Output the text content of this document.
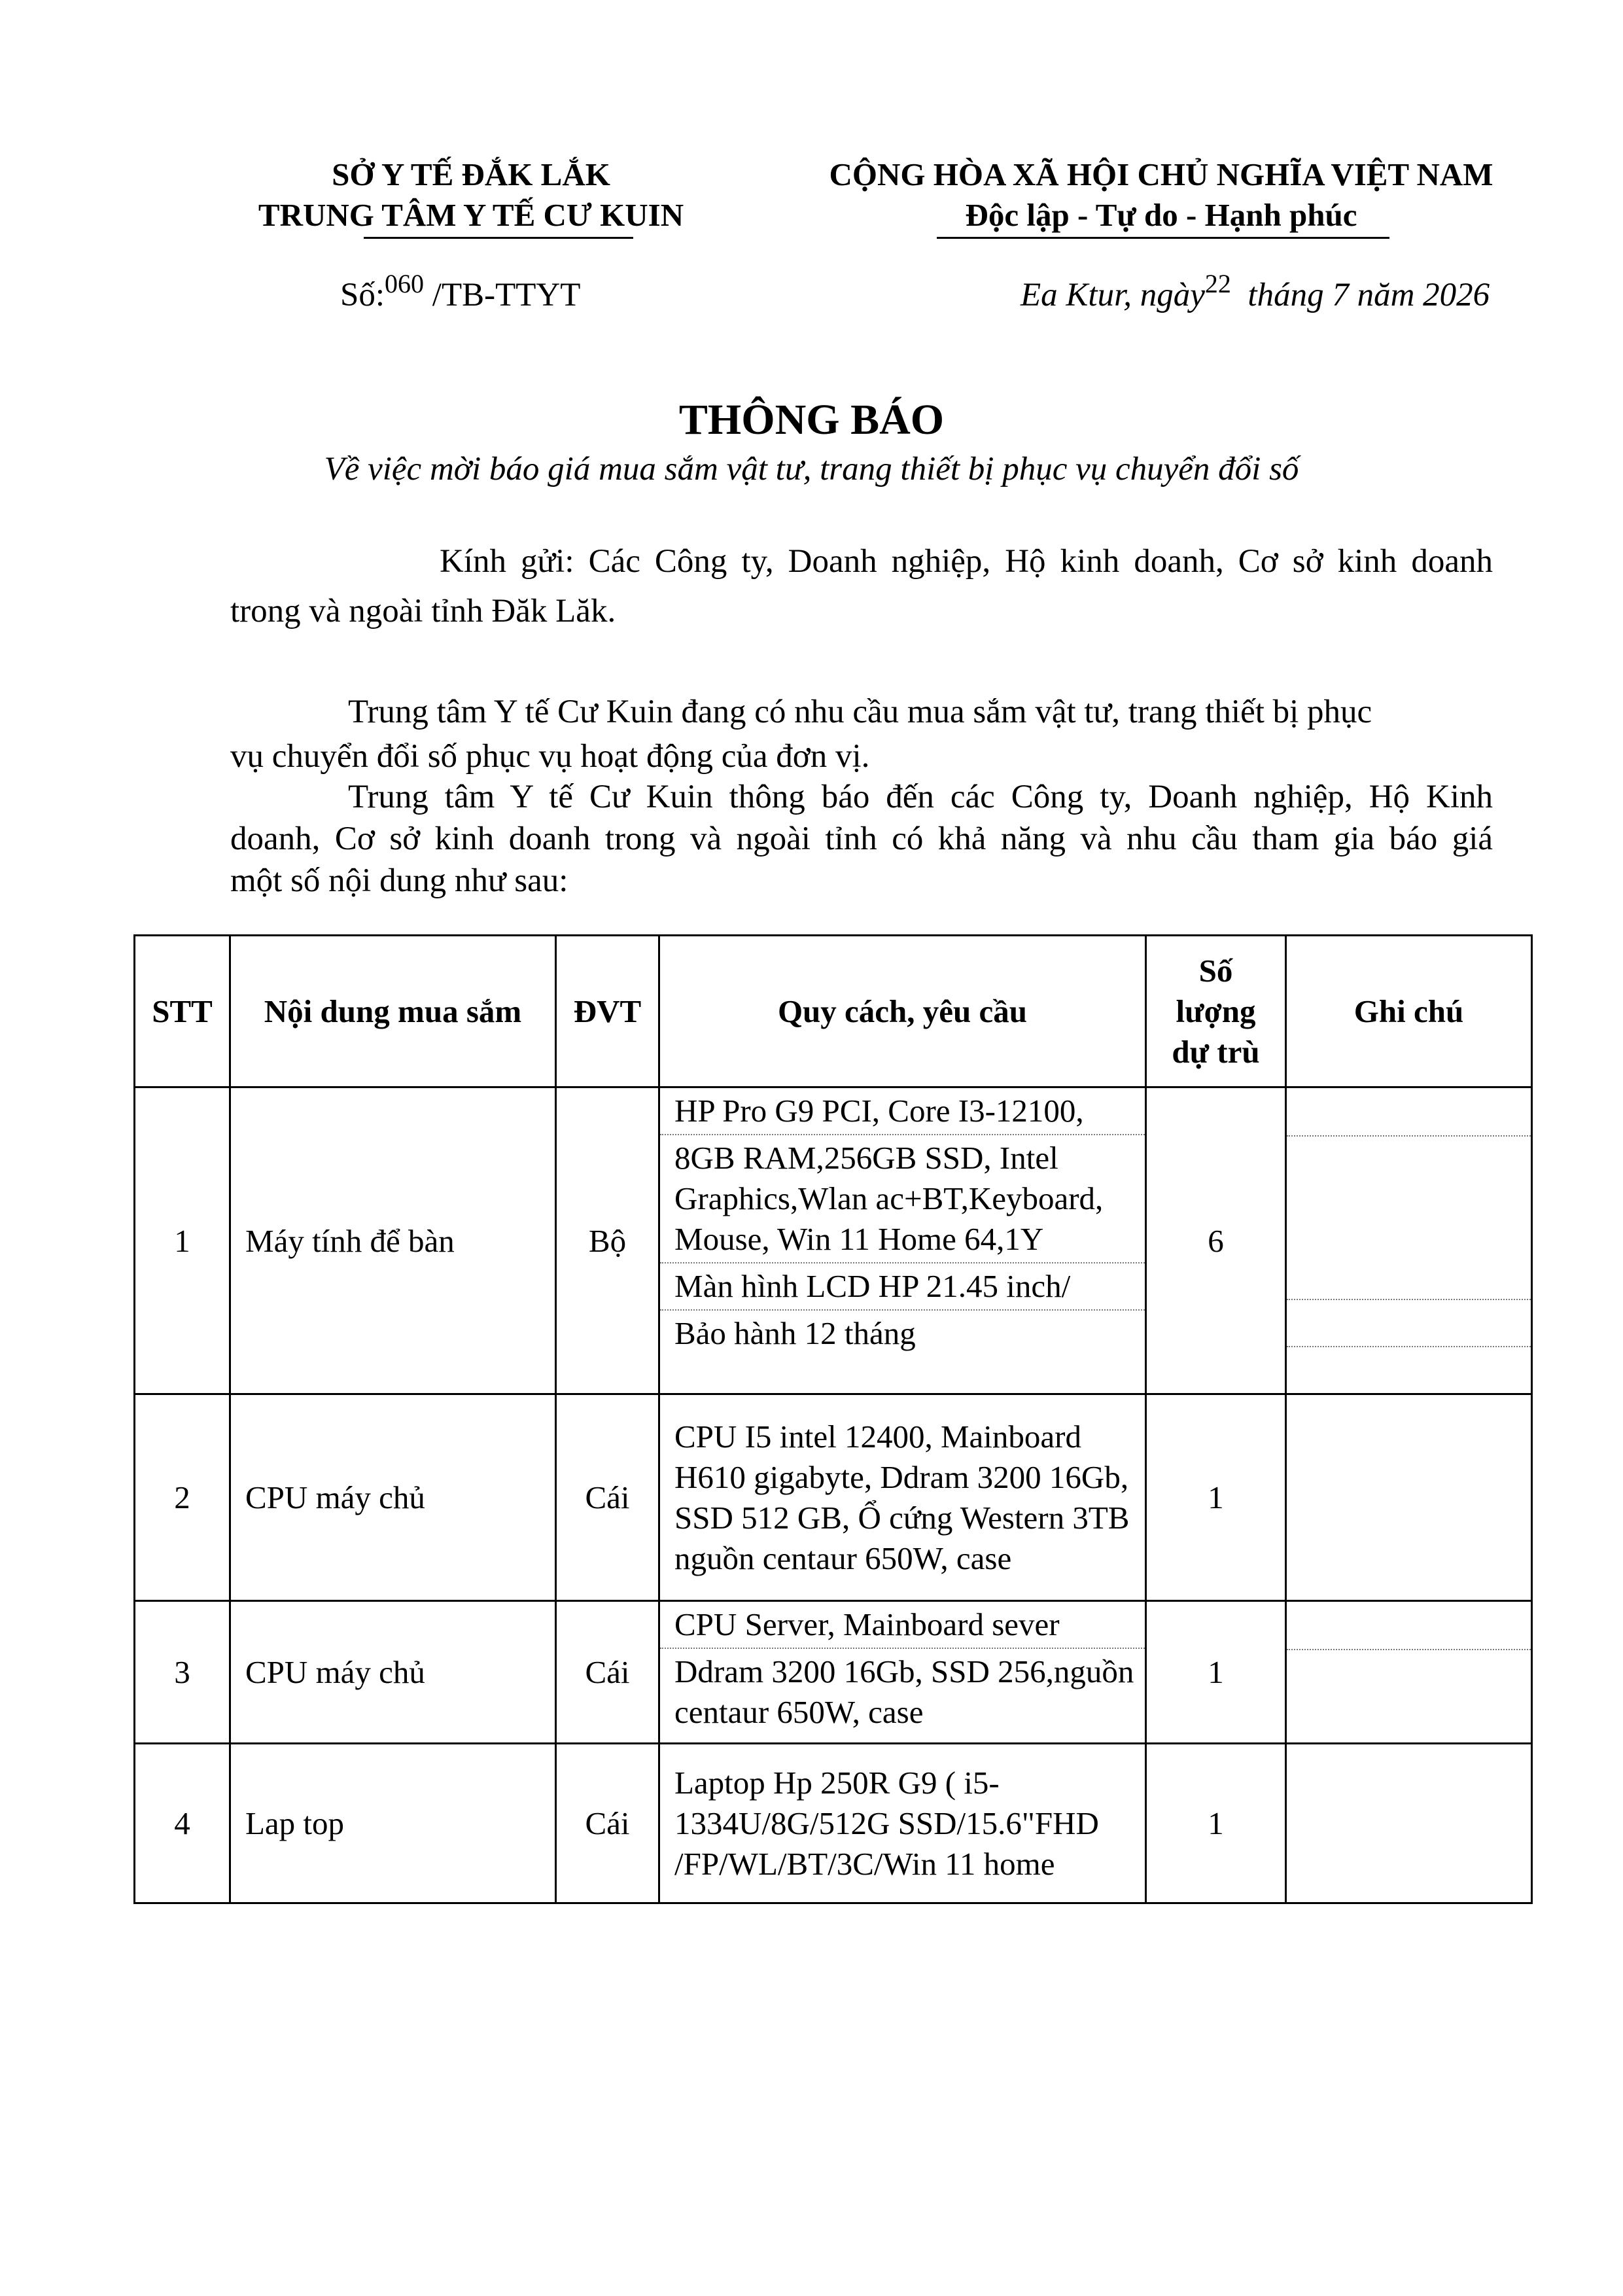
SỞ Y TẾ ĐẮK LẮK
TRUNG TÂM Y TẾ CƯ KUIN
CỘNG HÒA XÃ HỘI CHỦ NGHĨA VIỆT NAM
Độc lập - Tự do - Hạnh phúc
Số:$^{060}$ /TB-TTYT	Ea Ktur, ngày$^{22}$ tháng 7 năm 2026
THÔNG BÁO
Về việc mời báo giá mua sắm vật tư, trang thiết bị phục vụ chuyển đổi số
Kính gửi: Các Công ty, Doanh nghiệp, Hộ kinh doanh, Cơ sở kinh doanh
trong và ngoài tỉnh Đăk Lăk.
Trung tâm Y tế Cư Kuin đang có nhu cầu mua sắm vật tư, trang thiết bị phục
vụ chuyển đổi số phục vụ hoạt động của đơn vị.
Trung tâm Y tế Cư Kuin thông báo đến các Công ty, Doanh nghiệp, Hộ Kinh
doanh, Cơ sở kinh doanh trong và ngoài tỉnh có khả năng và nhu cầu tham gia báo giá
một số nội dung như sau:
STT	Nội dung mua sắm	ĐVT	Quy cách, yêu cầu	Số lượng dự trù	Ghi chú
1	Máy tính để bàn	Bộ	HP Pro G9 PCI, Core I3-12100,
8GB RAM,256GB SSD, Intel Graphics,Wlan ac+BT,Keyboard, Mouse, Win 11 Home 64,1Y
Màn hình LCD HP 21.45 inch/
Bảo hành 12 tháng	6	

2	CPU máy chủ	Cái	CPU I5 intel 12400, Mainboard H610 gigabyte, Ddram 3200 16Gb, SSD 512 GB, Ổ cứng Western 3TB nguồn centaur 650W, case	1	
3	CPU máy chủ	Cái	CPU Server, Mainboard sever
Ddram 3200 16Gb, SSD 256,nguồn centaur 650W, case	1	

4	Lap top	Cái	Laptop Hp 250R G9 ( i5-1334U/8G/512G SSD/15.6"FHD /FP/WL/BT/3C/Win 11 home	1	
